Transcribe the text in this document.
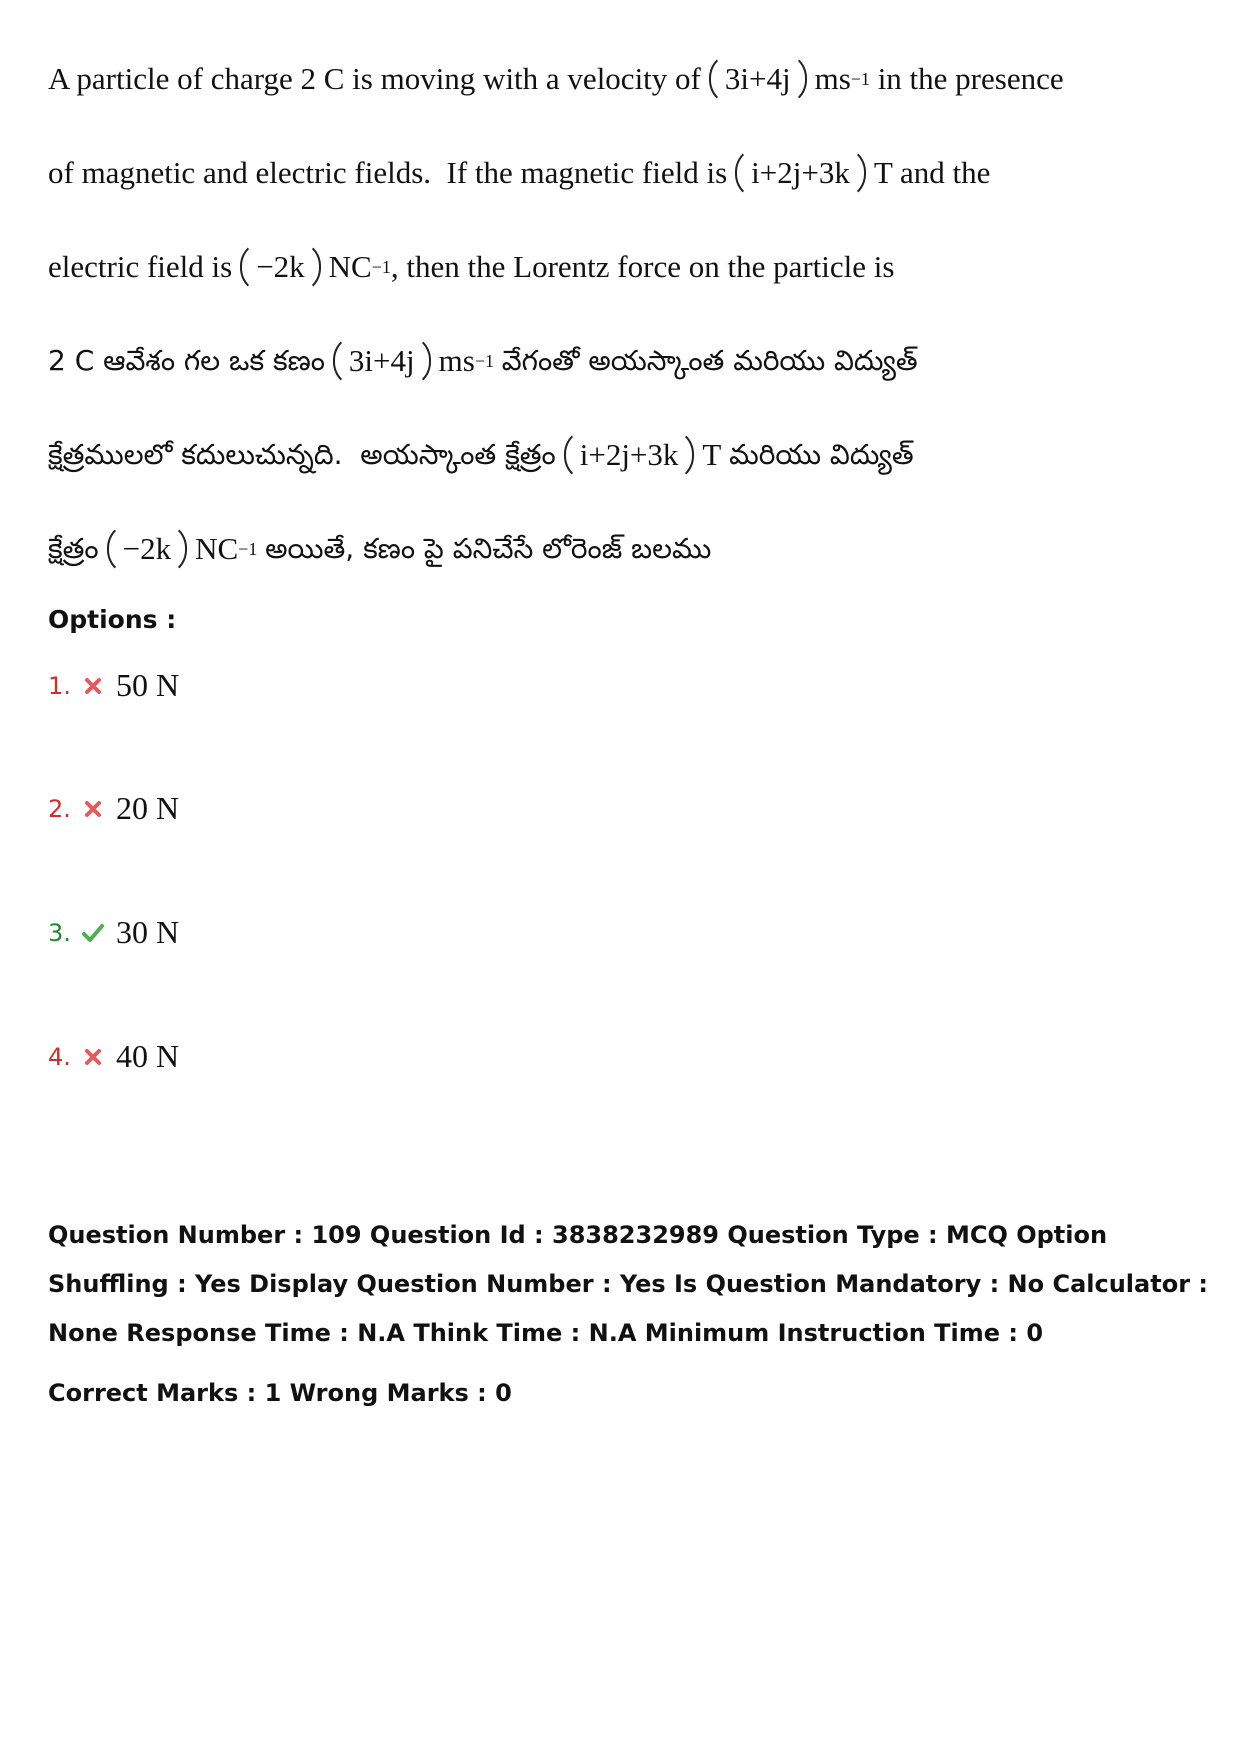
A particle of charge 2 C is moving with a velocity of 3i+4j ms −1 in the presence
of magnetic and electric fields.  If the magnetic field is i+2j+3k T and the
electric field is −2k NC −1 , then the Lorentz force on the particle is
2 C ఆవేశం గల ఒక కణం 3i+4j ms −1
వేగంతో అయస్కాంత మరియు విద్యుత్
క్షేత్రములలో కదులుచున్నది.  అయస్కాంత క్షేత్రం i+2j+3k T
మరియు విద్యుత్
క్షేత్రం −2k NC −1
అయితే, కణం పై పనిచేసే లోరెంజ్ బలము
Options :
1. 50 N
2. 20 N
3. 30 N
4. 40 N
Question Number : 109 Question Id : 3838232989 Question Type : MCQ Option Shuffling : Yes Display Question Number : Yes Is Question Mandatory : No Calculator : None Response Time : N.A Think Time : N.A Minimum Instruction Time : 0
Correct Marks : 1 Wrong Marks : 0
